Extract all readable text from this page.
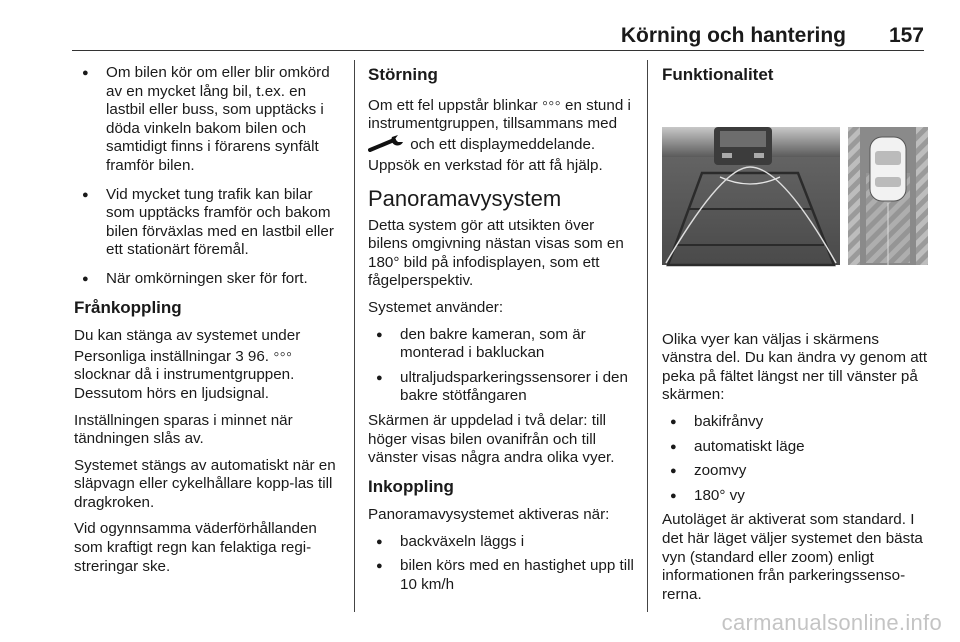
Körning och hantering 157
● Om bilen kör om eller blir omkörd av en mycket lång bil, t.ex. en lastbil eller buss, som upptäcks i döda vinkeln bakom bilen och samtidigt finns i förarens synfält framför bilen.
● Vid mycket tung trafik kan bilar som upptäcks framför och bakom bilen förväxlas med en lastbil eller ett stationärt föremål.
● När omkörningen sker för fort.
Frånkoppling

Du kan stänga av systemet under Personliga inställningar 3 96. ⸰⸰⸰ slocknar då i instrumentgruppen. Dessutom hörs en ljudsignal.

Inställningen sparas i minnet när tändningen slås av.

Systemet stängs av automatiskt när en släpvagn eller cykelhållare kopp-las till dragkroken.

Vid ogynnsamma väderförhållanden som kraftigt regn kan felaktiga regi-streringar ske.

Störning

Om ett fel uppstår blinkar ⸰⸰⸰ en stund i instrumentgruppen, tillsammans med  och ett displaymeddelande. Uppsök en verkstad för att få hjälp.

Panoramavysystem

Detta system gör att utsikten över bilens omgivning nästan visas som en 180° bild på infodisplayen, som ett fågelperspektiv.

Systemet använder:

● den bakre kameran, som är monterad i bakluckan
● ultraljudsparkeringssensorer i den bakre stötfångaren

Skärmen är uppdelad i två delar: till höger visas bilen ovanifrån och till vänster visas några andra olika vyer.

Inkoppling

Panoramavysystemet aktiveras när:

● backväxeln läggs i
● bilen körs med en hastighet upp till 10 km/h
Funktionalitet

Olika vyer kan väljas i skärmens vänstra del. Du kan ändra vy genom att peka på fältet längst ner till vänster på skärmen:

● bakifrånvy
● automatiskt läge
● zoomvy
● 180° vy

Autoläget är aktiverat som standard. I det här läget väljer systemet den bästa vyn (standard eller zoom) enligt informationen från parkeringssenso-rerna.

carmanualsonline.info
